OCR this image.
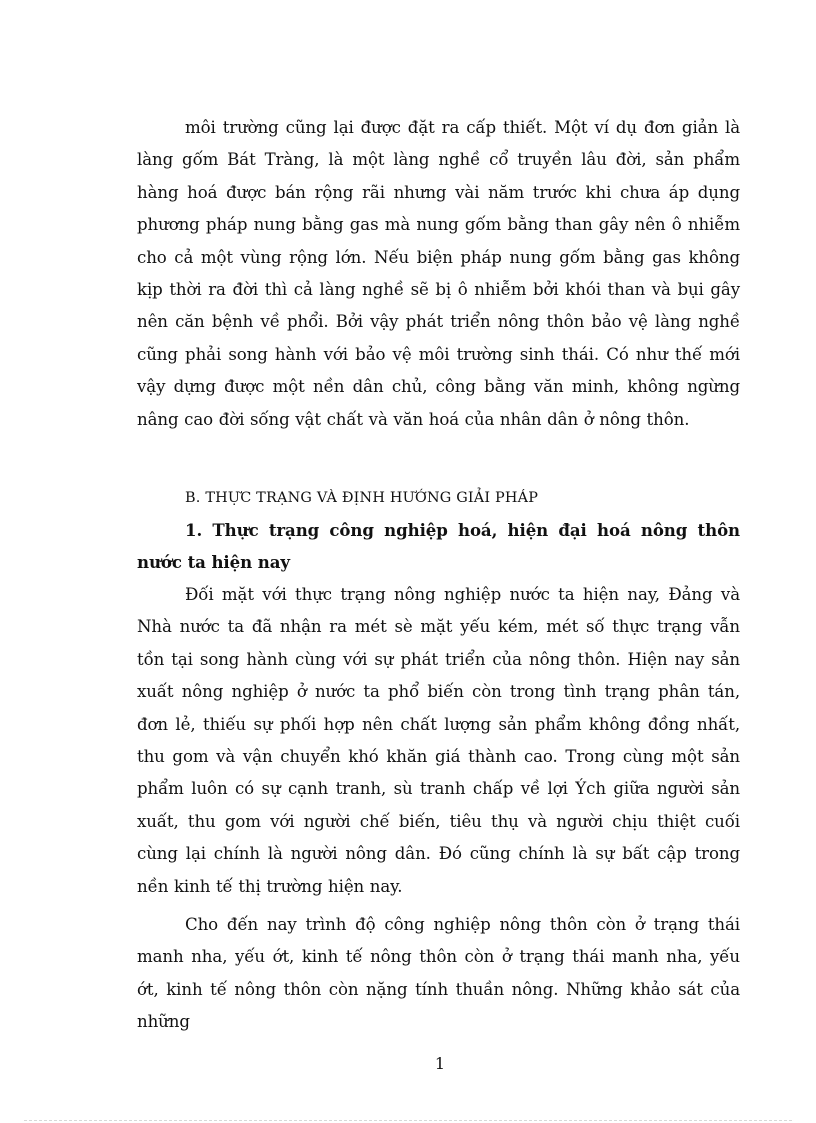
môi trường cũng lại được đặt ra cấp thiết. Một ví dụ đơn giản là làng gốm Bát Tràng, là một làng nghề cổ truyền lâu đời, sản phẩm hàng hoá được bán rộng rãi nhưng vài năm trước khi chưa áp dụng phương pháp nung bằng gas mà nung gốm bằng than gây nên ô nhiễm cho cả một vùng rộng lớn. Nếu biện pháp nung gốm bằng gas không kịp thời ra đời thì cả làng nghề sẽ bị ô nhiễm bởi khói than và bụi gây nên căn bệnh về phổi. Bởi vậy phát triển nông thôn bảo vệ làng nghề cũng phải song hành với bảo vệ môi trường sinh thái. Có như thế mới vậy dựng được một nền dân chủ, công bằng văn minh, không ngừng nâng cao đời sống vật chất và văn hoá của nhân dân ở nông thôn.

B. THỰC TRẠNG VÀ ĐỊNH HƯỚNG GIẢI PHÁP

1. Thực trạng công nghiệp hoá, hiện đại hoá nông thôn nước ta hiện nay

Đối mặt với thực trạng nông nghiệp nước ta hiện nay, Đảng và Nhà nước ta đã nhận ra mét sè mặt yếu kém, mét số thực trạng vẫn tồn tại song hành cùng với sự phát triển của nông thôn. Hiện nay sản xuất nông nghiệp ở nước ta phổ biến còn trong tình trạng phân tán, đơn lẻ, thiếu sự phối hợp nên chất lượng sản phẩm không đồng nhất, thu gom và vận chuyển khó khăn giá thành cao. Trong cùng một sản phẩm luôn có sự cạnh tranh, sù tranh chấp về lợi Ých giữa người sản xuất, thu gom với người chế biến, tiêu thụ và người chịu thiệt cuối cùng lại chính là người nông dân. Đó cũng chính là sự bất cập trong nền kinh tế thị trường hiện nay.

Cho đến nay trình độ công nghiệp nông thôn còn ở trạng thái manh nha, yếu ớt, kinh tế nông thôn còn ở trạng thái manh nha, yếu ớt, kinh tế nông thôn còn nặng tính thuần nông. Những khảo sát của những

1
